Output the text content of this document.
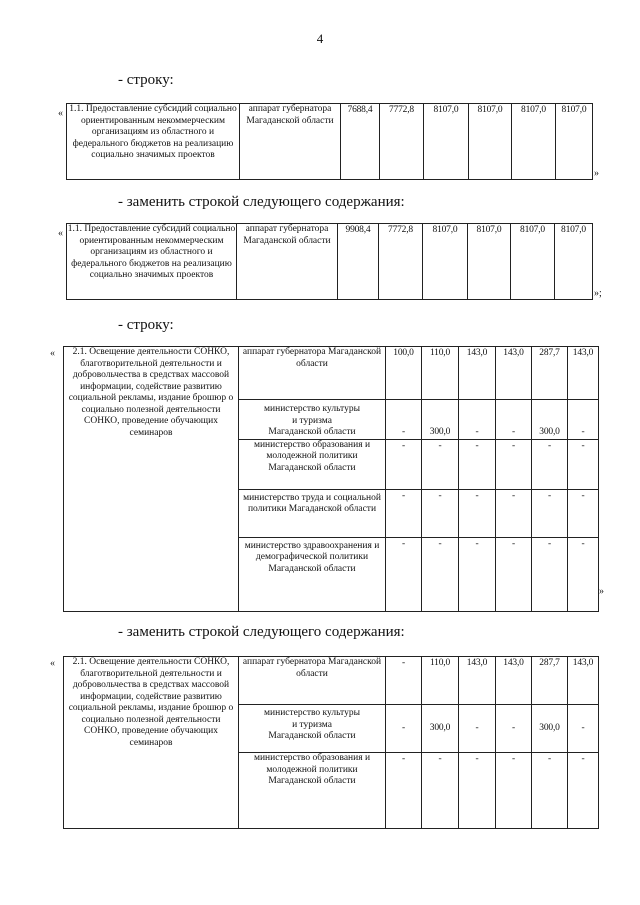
4
- строку:
« 1.1. Предоставление субсидий социально ориентированным некоммерческим организациям из областного и федерального бюджетов на реализацию социально значимых проектов	аппарат губернатора Магаданской области	7688,4	7772,8	8107,0	8107,0	8107,0	8107,0
»
- заменить строкой следующего содержания:
« 1.1. Предоставление субсидий социально ориентированным некоммерческим организациям из областного и федерального бюджетов на реализацию социально значимых проектов	аппарат губернатора Магаданской области	9908,4	7772,8	8107,0	8107,0	8107,0	8107,0
»;
- строку:
« 2.1. Освещение деятельности СОНКО, благотворительной деятельности и добровольчества в средствах массовой информации, содействие развитию социальной рекламы, издание брошюр о социально полезной деятельности СОНКО, проведение обучающих семинаров	аппарат губернатора Магаданской области	100,0	110,0	143,0	143,0	287,7	143,0

	министерство культуры
и туризма
Магаданской области	-	300,0	-	-	300,0	-
	министерство образования и молодежной политики Магаданской области	-	-	-	-	-	-
	министерство труда и социальной политики Магаданской области	-	-	-	-	-	-
	министерство здравоохранения и демографической политики Магаданской области	-	-	-	-	-	-
»
- заменить строкой следующего содержания:
« 2.1. Освещение деятельности СОНКО, благотворительной деятельности и добровольчества в средствах массовой информации, содействие развитию социальной рекламы, издание брошюр о социально полезной деятельности СОНКО, проведение обучающих семинаров	аппарат губернатора Магаданской области	-	110,0	143,0	143,0	287,7	143,0

	министерство культуры
и туризма
Магаданской области	-	300,0	-	-	300,0	-
	министерство образования и молодежной политики Магаданской области	-	-	-	-	-	-
